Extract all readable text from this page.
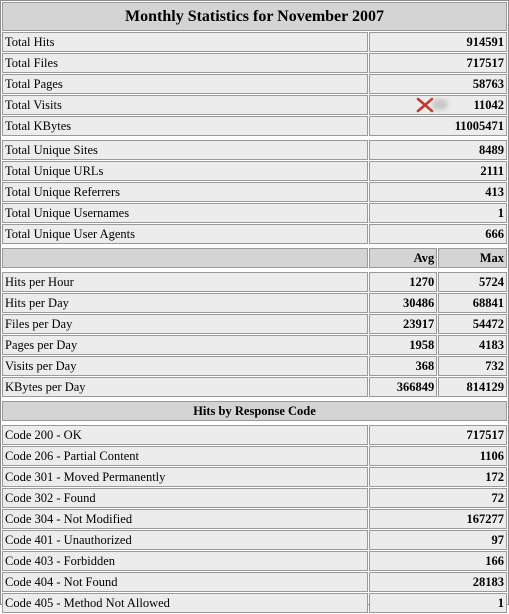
Monthly Statistics for November 2007		
Total Hits	914591	
Total Files	717517	
Total Pages	58763	
Total Visits	11042	
Total KBytes	11005471	

Total Unique Sites	8489	
Total Unique URLs	2111	
Total Unique Referrers	413	
Total Unique Usernames	1	
Total Unique User Agents	666	

	Avg	Max

Hits per Hour	1270	5724
Hits per Day	30486	68841
Files per Day	23917	54472
Pages per Day	1958	4183
Visits per Day	368	732
KBytes per Day	366849	814129

Hits by Response Code		

Code 200 - OK	717517	
Code 206 - Partial Content	1106	
Code 301 - Moved Permanently	172	
Code 302 - Found	72	
Code 304 - Not Modified	167277	
Code 401 - Unauthorized	97	
Code 403 - Forbidden	166	
Code 404 - Not Found	28183	
Code 405 - Method Not Allowed	1	
